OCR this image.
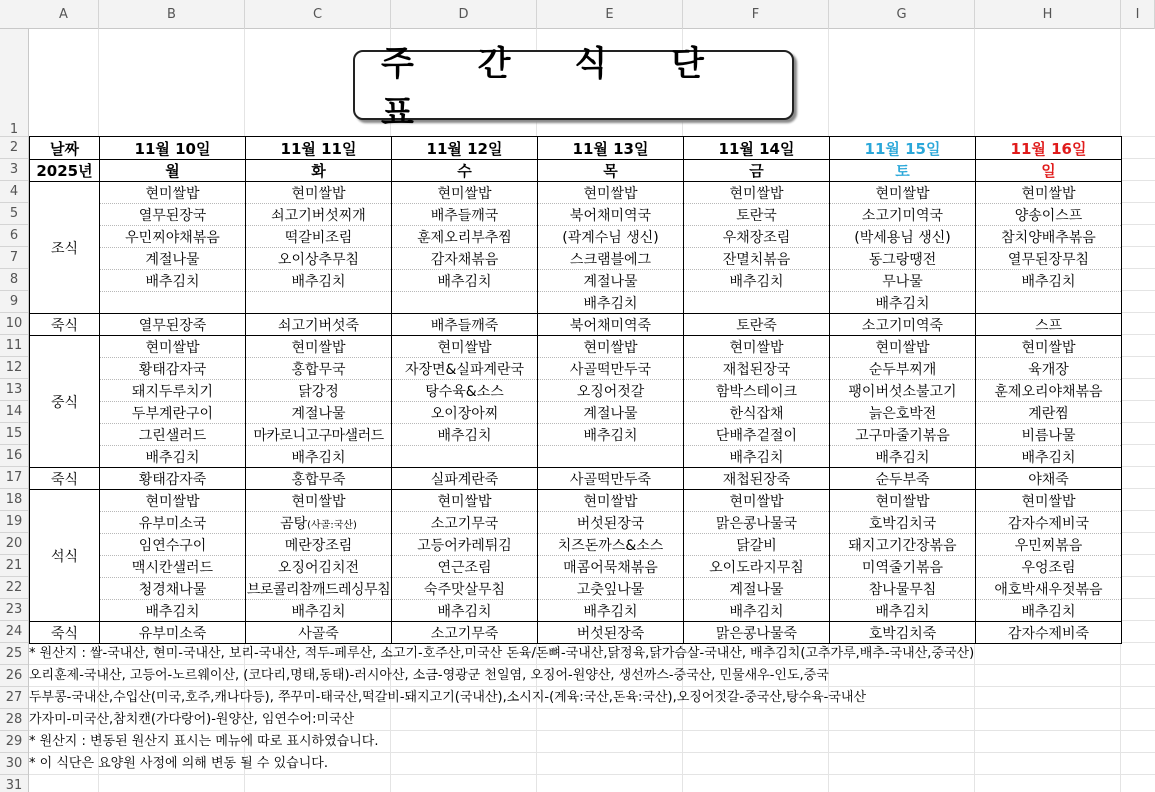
A	B	C	D	E	F	G	H	I
1
2
3
4
5
6
7
8
9
10
11
12
13
14
15
16
17
18
19
20
21
22
23
24
25
26
27
28
29
30
31
주 간 식 단 표
날짜	11월 10일	11월 11일	11월 12일	11월 13일	11월 14일	11월 15일	11월 16일
2025년	월	화	수	목	금	토	일
조식	현미쌀밥	현미쌀밥	현미쌀밥	현미쌀밥	현미쌀밥	현미쌀밥	현미쌀밥
	열무된장국	쇠고기버섯찌개	배추들깨국	북어채미역국	토란국	소고기미역국	양송이스프
	우민찌야채볶음	떡갈비조림	훈제오리부추찜	(곽계수님 생신)	우채장조림	(박세용님 생신)	참치양배추볶음
	계절나물	오이상추무침	감자채볶음	스크램블에그	잔멸치볶음	동그랑땡전	열무된장무침
	배추김치	배추김치	배추김치	계절나물	배추김치	무나물	배추김치
				배추김치		배추김치	
죽식	열무된장죽	쇠고기버섯죽	배추들깨죽	북어채미역죽	토란죽	소고기미역죽	스프
중식	현미쌀밥	현미쌀밥	현미쌀밥	현미쌀밥	현미쌀밥	현미쌀밥	현미쌀밥
	황태감자국	홍합무국	자장면&실파계란국	사골떡만두국	재첩된장국	순두부찌개	육개장
	돼지두루치기	닭강정	탕수육&소스	오징어젓갈	함박스테이크	팽이버섯소불고기	훈제오리야채볶음
	두부계란구이	계절나물	오이장아찌	계절나물	한식잡채	늙은호박전	계란찜
	그린샐러드	마카로니고구마샐러드	배추김치	배추김치	단배추겉절이	고구마줄기볶음	비름나물
	배추김치	배추김치			배추김치	배추김치	배추김치
죽식	황태감자죽	홍합무죽	실파계란죽	사골떡만두죽	재첩된장죽	순두부죽	야채죽
석식	현미쌀밥	현미쌀밥	현미쌀밥	현미쌀밥	현미쌀밥	현미쌀밥	현미쌀밥
	유부미소국	곰탕(사골:국산)	소고기무국	버섯된장국	맑은콩나물국	호박김치국	감자수제비국
	임연수구이	메란장조림	고등어카레튀김	치즈돈까스&소스	닭갈비	돼지고기간장볶음	우민찌볶음
	맥시칸샐러드	오징어김치전	연근조림	매콤어묵채볶음	오이도라지무침	미역줄기볶음	우엉조림
	청경채나물	브로콜리참깨드레싱무침	숙주맛살무침	고춧잎나물	계절나물	참나물무침	애호박새우젓볶음
	배추김치	배추김치	배추김치	배추김치	배추김치	배추김치	배추김치
죽식	유부미소죽	사골죽	소고기무죽	버섯된장죽	맑은콩나물죽	호박김치죽	감자수제비죽
* 원산지 : 쌀-국내산, 현미-국내산, 보리-국내산, 적두-페루산, 소고기-호주산,미국산 돈육/돈뼈-국내산,닭정육,닭가슴살-국내산, 배추김치(고추가루,배추-국내산,중국산)
오리훈제-국내산, 고등어-노르웨이산, (코다리,명태,동태)-러시아산, 소금-영광군 천일염, 오징어-원양산, 생선까스-중국산, 민물새우-인도,중국
두부콩-국내산,수입산(미국,호주,캐나다등), 쭈꾸미-태국산,떡갈비-돼지고기(국내산),소시지-(계육:국산,돈육:국산),오징어젓갈-중국산,탕수육-국내산
가자미-미국산,참치캔(가다랑어)-원양산, 임연수어:미국산
* 원산지 : 변동된 원산지 표시는 메뉴에 따로 표시하였습니다.
* 이 식단은 요양원 사정에 의해 변동 될 수 있습니다.
